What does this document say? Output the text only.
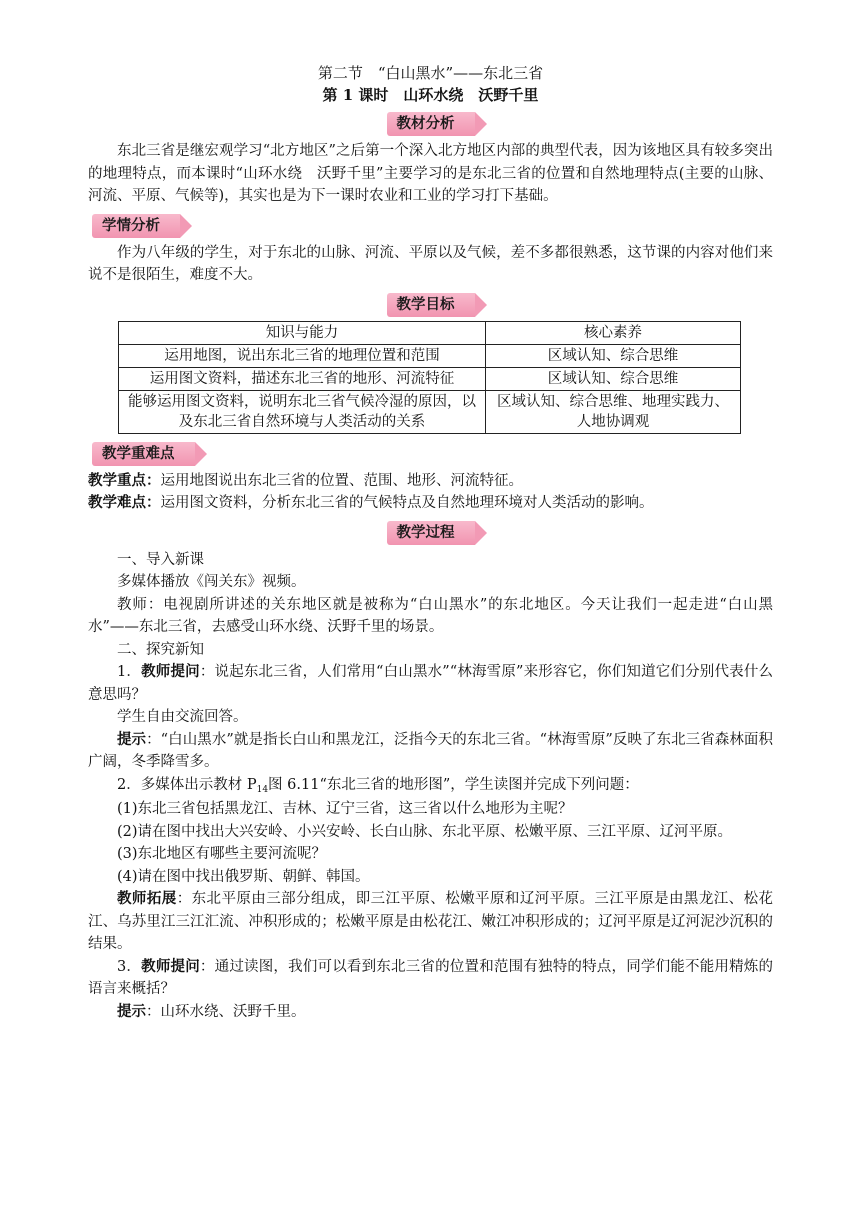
第二节　“白山黑水”——东北三省
第 1 课时　山环水绕　沃野千里
教材分析

东北三省是继宏观学习“北方地区”之后第一个深入北方地区内部的典型代表，因为该地区具有较多突出的地理特点，而本课时“山环水绕　沃野千里”主要学习的是东北三省的位置和自然地理特点(主要的山脉、河流、平原、气候等)，其实也是为下一课时农业和工业的学习打下基础。

学情分析

作为八年级的学生，对于东北的山脉、河流、平原以及气候，差不多都很熟悉，这节课的内容对他们来说不是很陌生，难度不大。

教学目标
知识与能力	核心素养
运用地图，说出东北三省的地理位置和范围	区域认知、综合思维
运用图文资料，描述东北三省的地形、河流特征	区域认知、综合思维
能够运用图文资料，说明东北三省气候冷湿的原因，以及东北三省自然环境与人类活动的关系	区域认知、综合思维、地理实践力、人地协调观
教学重难点

教学重点：运用地图说出东北三省的位置、范围、地形、河流特征。

教学难点：运用图文资料，分析东北三省的气候特点及自然地理环境对人类活动的影响。

教学过程

一、导入新课

多媒体播放《闯关东》视频。

教师：电视剧所讲述的关东地区就是被称为“白山黑水”的东北地区。今天让我们一起走进“白山黑水”——东北三省，去感受山环水绕、沃野千里的场景。

二、探究新知

1．教师提问：说起东北三省，人们常用“白山黑水”“林海雪原”来形容它，你们知道它们分别代表什么意思吗？

学生自由交流回答。

提示：“白山黑水”就是指长白山和黑龙江，泛指今天的东北三省。“林海雪原”反映了东北三省森林面积广阔，冬季降雪多。

2．多媒体出示教材 $P_{14}$图 6.11“东北三省的地形图”，学生读图并完成下列问题：

(1)东北三省包括黑龙江、吉林、辽宁三省，这三省以什么地形为主呢？

(2)请在图中找出大兴安岭、小兴安岭、长白山脉、东北平原、松嫩平原、三江平原、辽河平原。

(3)东北地区有哪些主要河流呢？

(4)请在图中找出俄罗斯、朝鲜、韩国。

教师拓展：东北平原由三部分组成，即三江平原、松嫩平原和辽河平原。三江平原是由黑龙江、松花江、乌苏里江三江汇流、冲积形成的；松嫩平原是由松花江、嫩江冲积形成的；辽河平原是辽河泥沙沉积的结果。

3．教师提问：通过读图，我们可以看到东北三省的位置和范围有独特的特点，同学们能不能用精炼的语言来概括？

提示：山环水绕、沃野千里。
